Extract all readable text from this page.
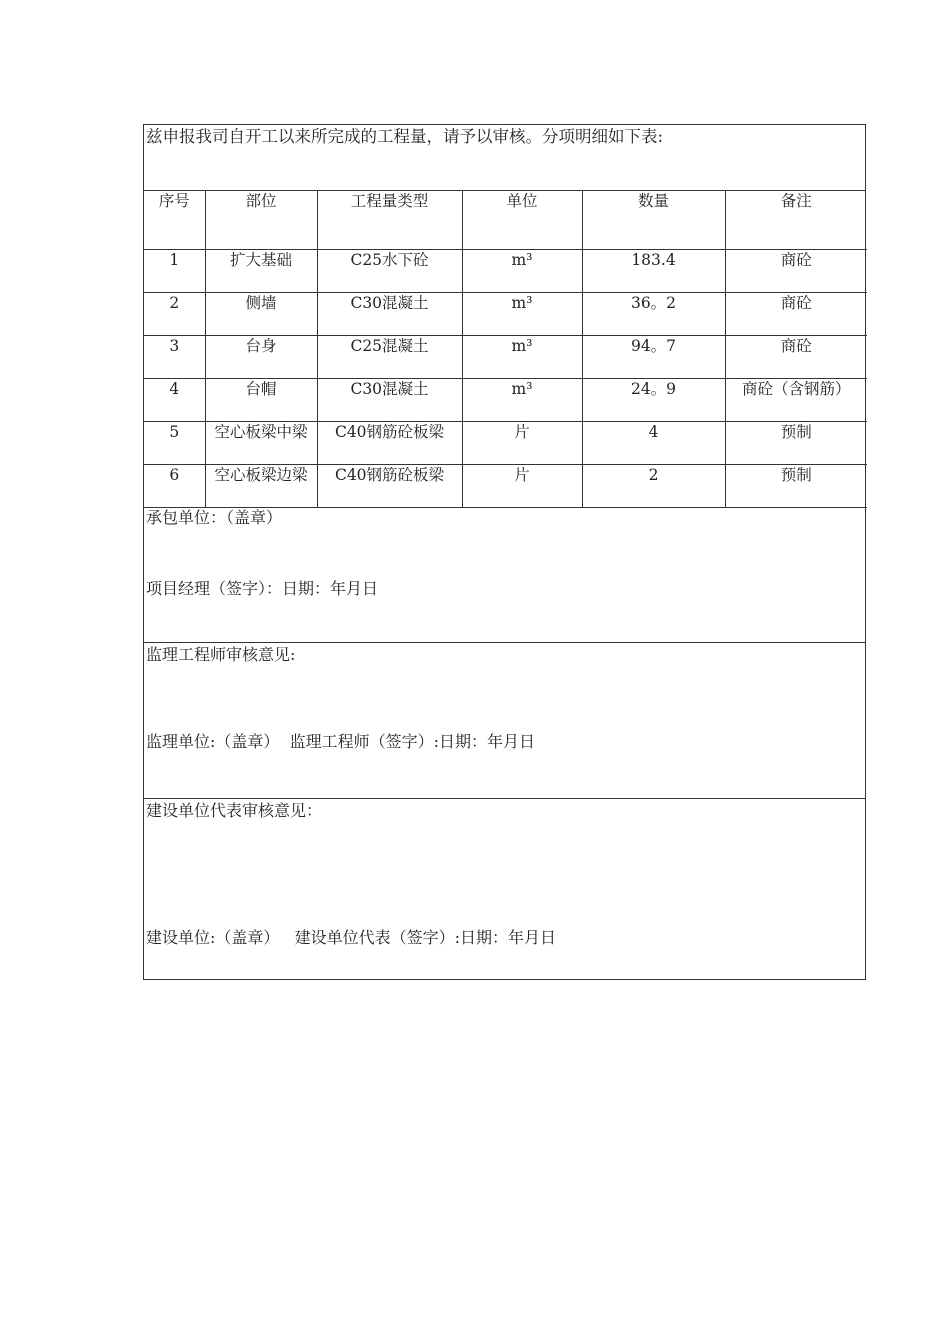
兹申报我司自开工以来所完成的工程量，请予以审核。分项明细如下表:
序号	部位	工程量类型	单位	数量	备注
1	扩大基础	C25水下砼	m³	183.4	商砼
2	侧墙	C30混凝土	m³	36。2	商砼
3	台身	C25混凝土	m³	94。7	商砼
4	台帽	C30混凝土	m³	24。9	商砼（含钢筋）
5	空心板梁中梁	C40钢筋砼板梁	片	4	预制
6	空心板梁边梁	C40钢筋砼板梁	片	2	预制
承包单位：（盖章）
项目经理（签字）：日期：年月日
监理工程师审核意见:
监理单位:（盖章）  监理工程师（签字）:日期：年月日
建设单位代表审核意见：
建设单位:（盖章）   建设单位代表（签字）:日期：年月日
